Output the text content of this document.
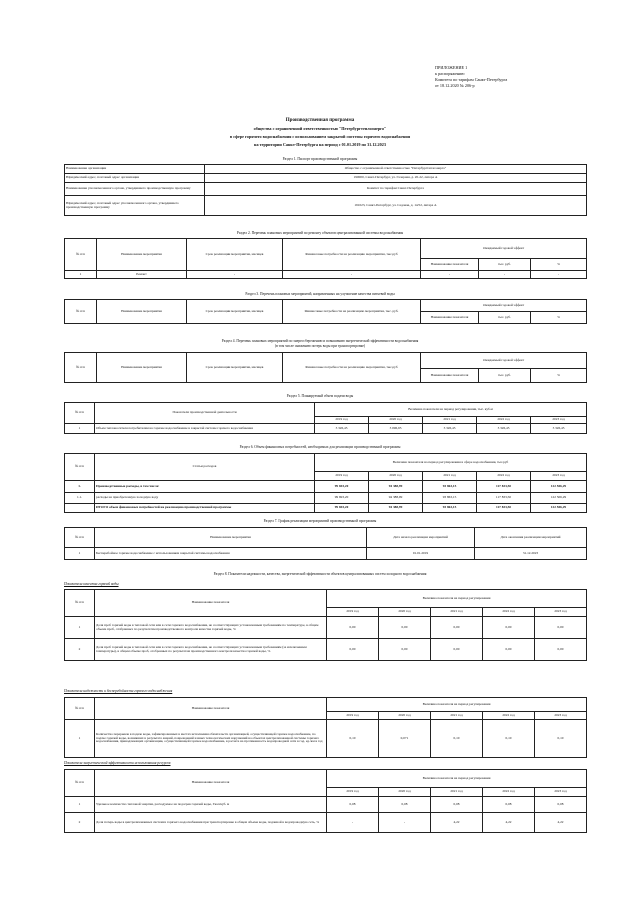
ПРИЛОЖЕНИЕ 1
к распоряжению
Комитета по тарифам Санкт-Петербурга
от 18.12.2020 № 206-р
Производственная программа
общества с ограниченной ответственностью "Петербургтеплоэнерго"
в сфере горячего водоснабжения с использованием закрытой системы горячего водоснабжения
на территории Санкт-Петербурга на период с 01.01.2019 по 31.12.2023
Раздел 1. Паспорт производственной программы
Наименование организации	Общество с ограниченной ответственностью "Петербургтеплоэнерго"
Юридический адрес, почтовый адрес организации	190000, Санкт-Петербург, ул. Галерная, д. 20-22, литера А
Наименование уполномоченного органа, утвердившего производственную программу	Комитет по тарифам Санкт-Петербурга
Юридический адрес, почтовый адрес уполномоченного органа, утвердившего производственную программу	191023, Санкт-Петербург, ул. Садовая, д. 14/52, литера А
Раздел 2. Перечень плановых мероприятий по ремонту объектов централизованной системы водоснабжения
№ п/п	Наименование мероприятия	Срок реализации мероприятия, месяцев	Финансовые потребности на реализацию мероприятия, тыс.руб	Ожидаемый годовой эффект		
				Наименование показателя	тыс. руб.	%
1	Ремонт	-	-	-	-	-
Раздел 3. Перечень плановых мероприятий, направленных на улучшение качества питьевой воды
№ п/п	Наименование мероприятия	Срок реализации мероприятия, месяцев	Финансовые потребности на реализацию мероприятия, тыс. руб.	Ожидаемый годовой эффект		
				Наименование показателя	тыс. руб.	%
Раздел 4. Перечень плановых мероприятий по энергосбережению и повышению энергетической эффективности водоснабжения
(в том числе снижению потерь воды при транспортировке)
№ п/п	Наименование мероприятия	Срок реализации мероприятия, месяцев	Финансовые потребности на реализацию мероприятия, тыс.руб	Ожидаемый годовой эффект		
				Наименование показателя	тыс. руб.	%
Раздел 5. Планируемый объем подачи воды
№ п/п	Показатели производственной деятельности	Величина показателя на период регулирования, тыс. куб.м				
		2019 год	2020 год	2021 год	2022 год	2023 год
1	Объем теплоносителя потребителям на горячее водоснабжение в закрытой системе горячего водоснабжения	3 326,45	3 096,95	3 326,45	3 326,45	3 326,45
Раздел 6. Объем финансовых потребностей, необходимых для реализации производственной программы
№ п/п	Статьи расходов	Величина показателя на период регулирования в сфере водоснабжения, тыс.руб				
		2019 год	2020 год	2021 год	2022 год	2023 год
1.	Производственные расходы, в том числе:	99 693,20	94 388,99	93 863,15	117 833,50	122 506,29
1.1.	расходы на приобретенную холодную воду	99 693,20	94 388,99	93 863,15	117 833,50	122 506,29
	ИТОГО объем финансовых потребностей на реализацию производственной программы	99 693,20	94 388,99	93 863,15	117 833,50	122 506,29
Раздел 7. График реализации мероприятий производственной программы
№ п/п	Наименование мероприятия	Дата начала реализации мероприятий	Дата окончания реализации мероприятий
1	Бесперебойное горячее водоснабжение с использованием закрытой системы водоснабжения	01.01.2019	31.12.2023
Раздел 8. Показатели надежности, качества, энергетической эффективности объектов централизованных систем холодного водоснабжения
Показатели качества горячей воды
№ п/п	Наименование показателя	Величина показателя на период регулирования				
		2019 год	2020 год	2021 год	2022 год	2023 год
1	Доля проб горячей воды в тепловой сети или в сети горячего водоснабжения, не соответствующих установленным требованиям по температуре, в общем объеме проб, отобранных по результатам производственного контроля качества горячей воды, %	0,00	0,00	0,00	0,00	0,00
2	Доля проб горячей воды в тепловой сети или в сети горячего водоснабжения, не соответствующих установленным требованиям (за исключением температуры), в общем объеме проб, отобранных по результатам производственного контроля качества горячей воды, %	0,00	0,00	0,00	0,00	0,00
Показатели надежности и бесперебойности горячего водоснабжения
№ п/п	Наименование показателя	Величина показателя на период регулирования				
		2019 год	2020 год	2021 год	2022 год	2023 год
1	Количество перерывов в подаче воды, зафиксированных в местах исполнения обязательств организацией, осуществляющей горячее водоснабжение, по подаче горячей воды, возникших в результате аварий, повреждений и иных технологических нарушений на объектах централизованной системы горячего водоснабжения, принадлежащих организации, осуществляющей горячее водоснабжение, в расчете на протяженность водопроводной сети в год, ед./км в год	0,10	0,071	0,10	0,10	0,10
Показатели энергетической эффективности использования ресурсов
№ п/п	Наименование показателя	Величина показателя на период регулирования				
		2019 год	2020 год	2021 год	2022 год	2023 год
1	Удельное количество тепловой энергии, расходуемое на подогрев горячей воды, Гкал/куб. м	0,08	0,08	0,08	0,08	0,08
2	Доля потерь воды в централизованных системах горячего водоснабжения при транспортировке в общем объеме воды, поданной в водопроводную сеть, %	-	-	4,22	4,22	4,22
